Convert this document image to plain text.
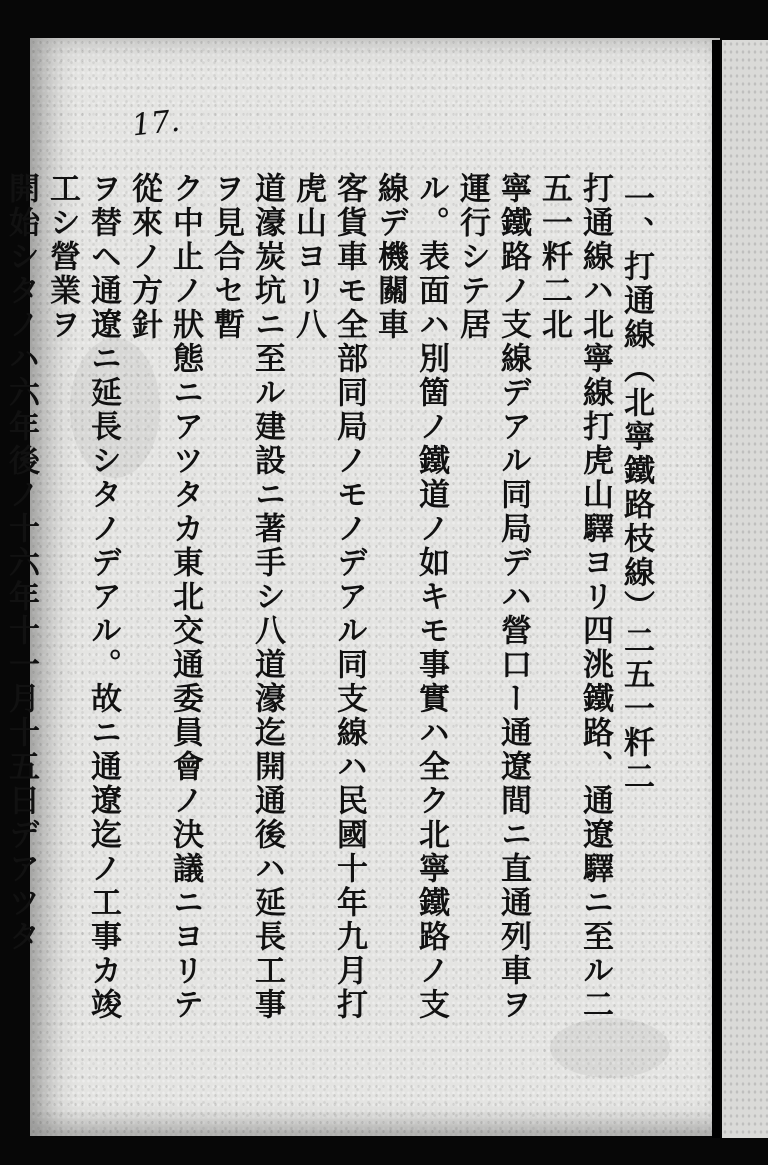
17.
一、打通線（北寧鐵路枝線）二五一粁二
打通線ハ北寧線打虎山驛ヨリ四洮鐵路、通遼驛ニ至ル二五一粁二北
寧鐵路ノ支線デアル同局デハ營口ー通遼間ニ直通列車ヲ運行シテ居
ル。表面ハ別箇ノ鐵道ノ如キモ事實ハ全ク北寧鐵路ノ支線デ機關車
客貨車モ全部同局ノモノデアル同支線ハ民國十年九月打虎山ヨリ八
道濠炭坑ニ至ル建設ニ著手シ八道濠迄開通後ハ延長工事ヲ見合セ暫
ク中止ノ狀態ニアツタカ東北交通委員會ノ決議ニヨリテ從來ノ方針
ヲ替ヘ通遼ニ延長シタノデアル。故ニ通遼迄ノ工事カ竣工シ營業ヲ
開始シタノハ六年後ノ十六年十一月十五日デアツタ
